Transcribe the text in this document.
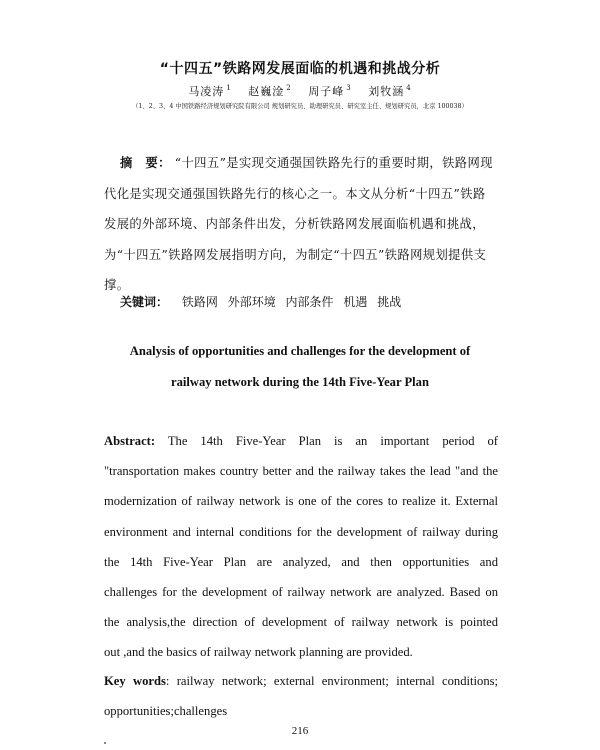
“十四五”铁路网发展面临的机遇和挑战分析
马凌涛 $^1$ 赵巍淦 $^2$ 周子峰 $^3$ 刘牧涵 $^4$
（1、2、3、4 中国铁路经济规划研究院有限公司 规划研究员、助理研究员、研究室主任、规划研究员，北京 100038）
摘　要： “十四五”是实现交通强国铁路先行的重要时期，铁路网现代化是实现交通强国铁路先行的核心之一。本文从分析“十四五”铁路发展的外部环境、内部条件出发，分析铁路网发展面临机遇和挑战，为“十四五”铁路网发展指明方向，为制定“十四五”铁路网规划提供支撑。
关键词： 铁路网 外部环境 内部条件 机遇 挑战
Analysis of opportunities and challenges for the development of
railway network during the 14th Five-Year Plan
Abstract: The 14th Five-Year Plan is an important period of
"transportation makes country better and the railway takes the lead "and the
modernization of railway network is one of the cores to realize it. External
environment and internal conditions for the development of railway during
the 14th Five-Year Plan are analyzed, and then opportunities and
challenges for the development of railway network are analyzed. Based on
the analysis,the direction of development of railway network is pointed
out ,and the basics of railway network planning are provided.
Key words: railway network; external environment; internal conditions;
opportunities;challenges
216
